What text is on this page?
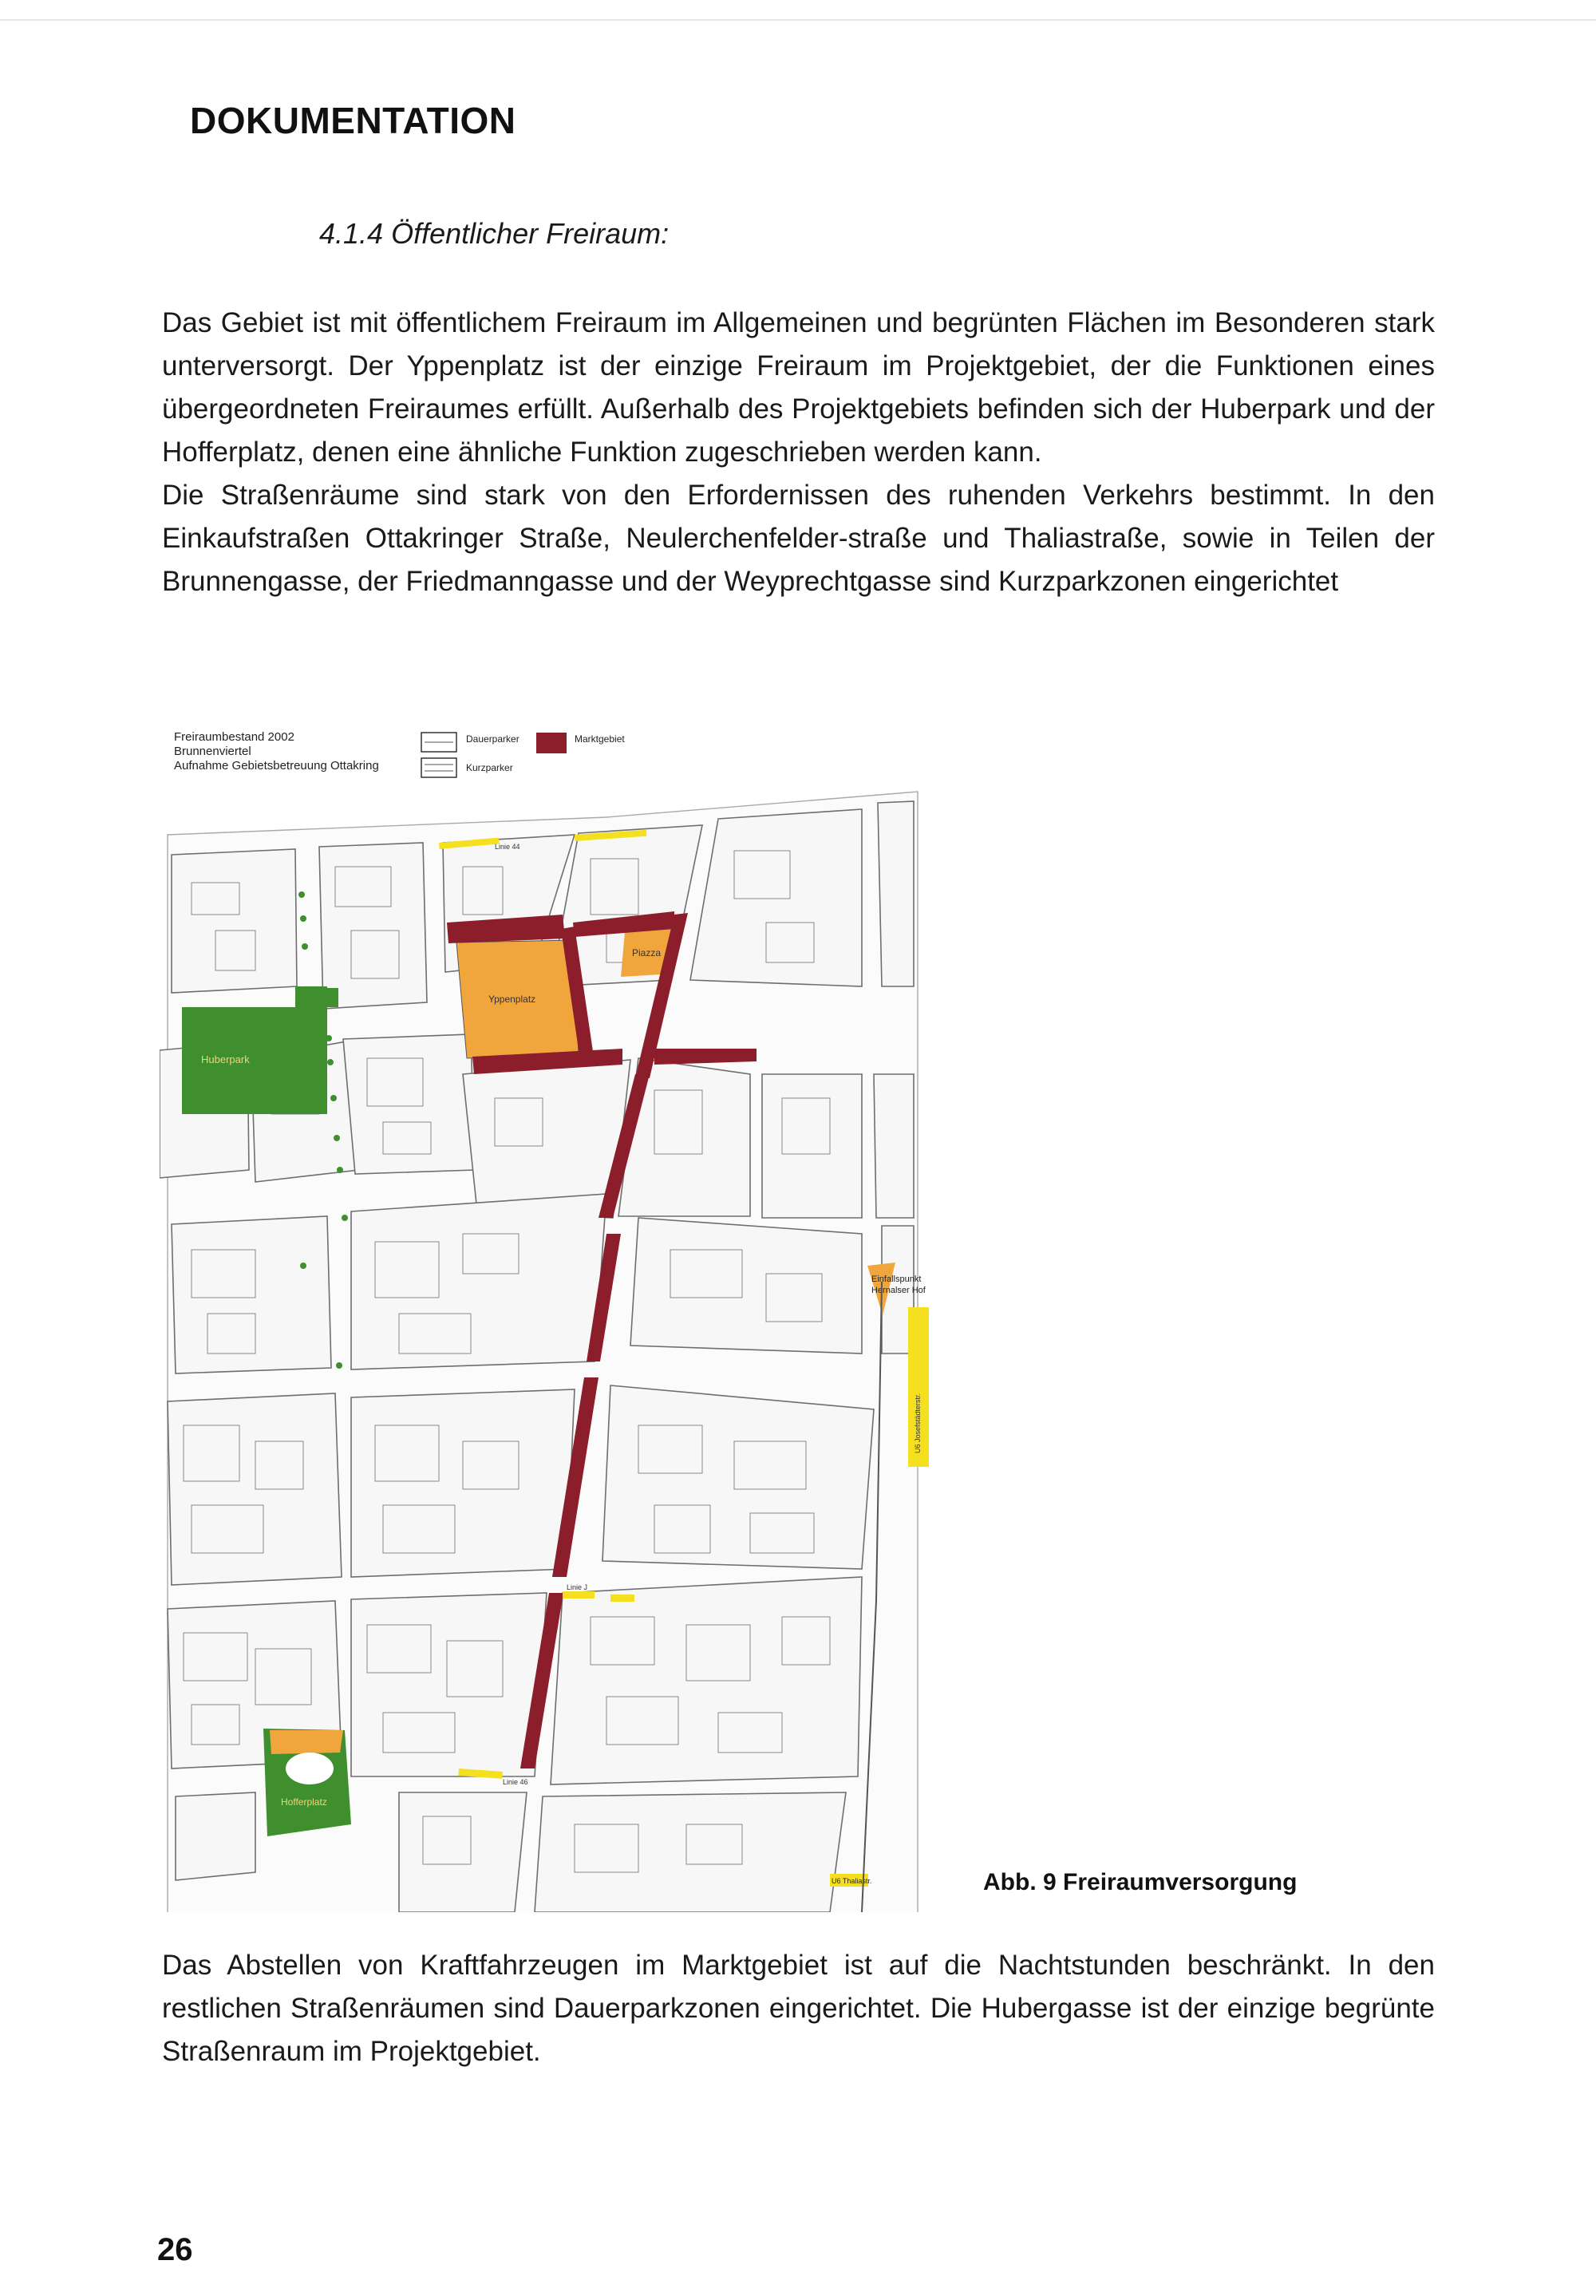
DOKUMENTATION
4.1.4 Öffentlicher Freiraum:

Das Gebiet ist mit öffentlichem Freiraum im Allgemeinen und begrünten Flächen im Besonderen stark unterversorgt. Der Yppenplatz ist der einzige Freiraum im Projektgebiet, der die Funktionen eines übergeordneten Freiraumes erfüllt. Außerhalb des Projektgebiets befinden sich der Huberpark und der Hofferplatz, denen eine ähnliche Funktion zugeschrieben werden kann.

Die Straßenräume sind stark von den Erfordernissen des ruhenden Verkehrs bestimmt. In den Einkaufstraßen Ottakringer Straße, Neulerchenfelder-straße und Thaliastraße, sowie in Teilen der Brunnengasse, der Friedmanngasse und der Weyprechtgasse sind Kurzparkzonen eingerichtet

Freiraumbestand 2002
Brunnenviertel
Aufnahme Gebietsbetreuung Ottakring
Dauerparker
Kurzparker
Marktgebiet
Huberpark
Yppenplatz
Piazza
Linie 44
Linie J
Linie 46
U6 Josefstädterstr.
Hofferplatz
Einfallspunkt
Hernalser Hof
U6 Thaliastr.	Abb. 9 Freiraumversorgung

Das Abstellen von Kraftfahrzeugen im Marktgebiet ist auf die Nachtstunden beschränkt. In den restlichen Straßenräumen sind Dauerparkzonen eingerichtet. Die Hubergasse ist der einzige begrünte Straßenraum im Projektgebiet.

26
